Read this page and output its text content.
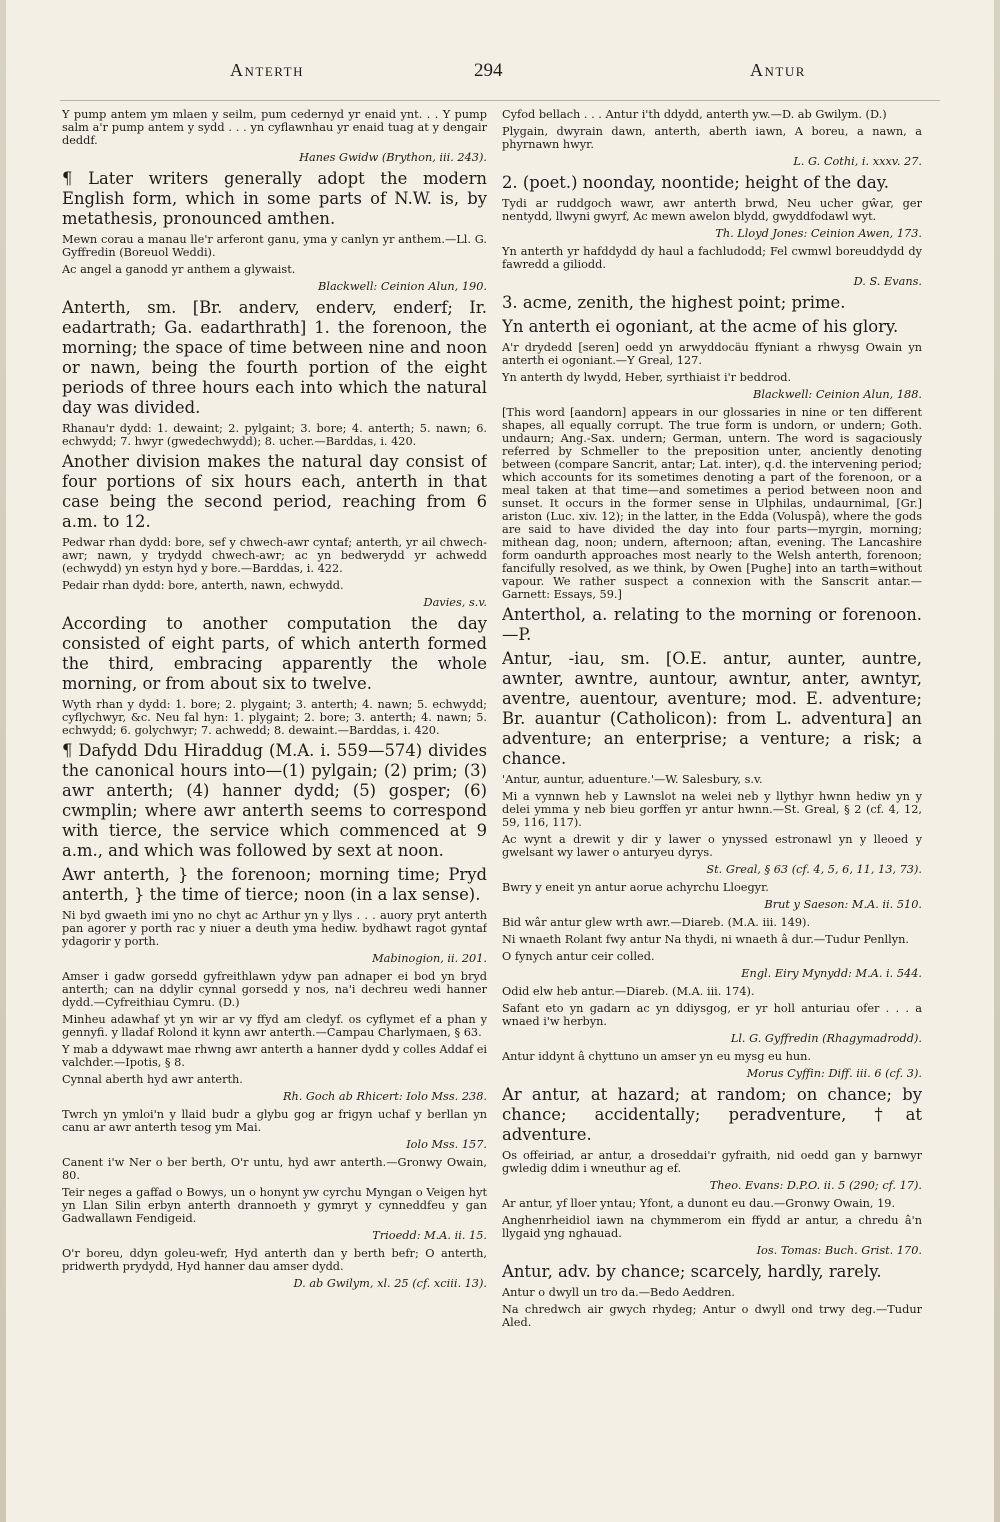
Anterth	294	Antur

Y pump antem ym mlaen y seilm, pum cedernyd yr enaid ynt. . . Y pump salm a'r pump antem y sydd . . . yn cyflawnhau yr enaid tuag at y dengair deddf.

Hanes Gwidw (Brython, iii. 243).

¶ Later writers generally adopt the modern English form, which in some parts of N.W. is, by metathesis, pronounced amthen.

Mewn corau a manau lle'r arferont ganu, yma y canlyn yr anthem.—Ll. G. Gyffredin (Boreuol Weddi).

Ac angel a ganodd yr anthem a glywaist.

Blackwell: Ceinion Alun, 190.

Anterth, sm. [Br. anderv, enderv, enderf; Ir. eadartrath; Ga. eadarthrath] 1. the forenoon, the morning; the space of time between nine and noon or nawn, being the fourth portion of the eight periods of three hours each into which the natural day was divided.

Rhanau'r dydd: 1. dewaint; 2. pylgaint; 3. bore; 4. anterth; 5. nawn; 6. echwydd; 7. hwyr (gwedechwydd); 8. ucher.—Barddas, i. 420.

Another division makes the natural day consist of four portions of six hours each, anterth in that case being the second period, reaching from 6 a.m. to 12.

Pedwar rhan dydd: bore, sef y chwech-awr cyntaf; anterth, yr ail chwech-awr; nawn, y trydydd chwech-awr; ac yn bedwerydd yr achwedd (echwydd) yn estyn hyd y bore.—Barddas, i. 422.

Pedair rhan dydd: bore, anterth, nawn, echwydd.

Davies, s.v.

According to another computation the day consisted of eight parts, of which anterth formed the third, embracing apparently the whole morning, or from about six to twelve.

Wyth rhan y dydd: 1. bore; 2. plygaint; 3. anterth; 4. nawn; 5. echwydd; cyflychwyr, &c. Neu fal hyn: 1. plygaint; 2. bore; 3. anterth; 4. nawn; 5. echwydd; 6. golychwyr; 7. achwedd; 8. dewaint.—Barddas, i. 420.

¶ Dafydd Ddu Hiraddug (M.A. i. 559—574) divides the canonical hours into—(1) pylgain; (2) prim; (3) awr anterth; (4) hanner dydd; (5) gosper; (6) cwmplin; where awr anterth seems to correspond with tierce, the service which commenced at 9 a.m., and which was followed by sext at noon.

Awr anterth, } the forenoon; morning time; Pryd anterth, } the time of tierce; noon (in a lax sense).

Ni byd gwaeth imi yno no chyt ac Arthur yn y llys . . . auory pryt anterth pan agorer y porth rac y niuer a deuth yma hediw. bydhawt ragot gyntaf ydagorir y porth.

Mabinogion, ii. 201.

Amser i gadw gorsedd gyfreithlawn ydyw pan adnaper ei bod yn bryd anterth; can na ddylir cynnal gorsedd y nos, na'i dechreu wedi hanner dydd.—Cyfreithiau Cymru. (D.)

Minheu adawhaf yt yn wir ar vy ffyd am cledyf. os cyflymet ef a phan y gennyfi. y lladaf Rolond it kynn awr anterth.—Campau Charlymaen, § 63.

Y mab a ddywawt mae rhwng awr anterth a hanner dydd y colles Addaf ei valchder.—Ipotis, § 8.

Cynnal aberth hyd awr anterth.

Rh. Goch ab Rhicert: Iolo Mss. 238.

Twrch yn ymloi'n y llaid budr a glybu gog ar frigyn uchaf y berllan yn canu ar awr anterth tesog ym Mai.

Iolo Mss. 157.

Canent i'w Ner o ber berth, O'r untu, hyd awr anterth.—Gronwy Owain, 80.

Teir neges a gaffad o Bowys, un o honynt yw cyrchu Myngan o Veigen hyt yn Llan Silin erbyn anterth drannoeth y gymryt y cynneddfeu y gan Gadwallawn Fendigeid.

Trioedd: M.A. ii. 15.

O'r boreu, ddyn goleu-wefr, Hyd anterth dan y berth befr; O anterth, pridwerth prydydd, Hyd hanner dau amser dydd.

D. ab Gwilym, xl. 25 (cf. xciii. 13).

Cyfod bellach . . . Antur i'th ddydd, anterth yw.—D. ab Gwilym. (D.)

Plygain, dwyrain dawn, anterth, aberth iawn, A boreu, a nawn, a phyrnawn hwyr.

L. G. Cothi, i. xxxv. 27.

2. (poet.) noonday, noontide; height of the day.

Tydi ar ruddgoch wawr, awr anterth brwd, Neu ucher gŵar, ger nentydd, llwyni gwyrf, Ac mewn awelon blydd, gwyddfodawl wyt.

Th. Lloyd Jones: Ceinion Awen, 173.

Yn anterth yr hafddydd dy haul a fachludodd; Fel cwmwl boreuddydd dy fawredd a giliodd.

D. S. Evans.

3. acme, zenith, the highest point; prime.

Yn anterth ei ogoniant, at the acme of his glory.

A'r drydedd [seren] oedd yn arwyddocäu ffyniant a rhwysg Owain yn anterth ei ogoniant.—Y Greal, 127.

Yn anterth dy lwydd, Heber, syrthiaist i'r beddrod.

Blackwell: Ceinion Alun, 188.

[This word [aandorn] appears in our glossaries in nine or ten different shapes, all equally corrupt. The true form is undorn, or undern; Goth. undaurn; Ang.-Sax. undern; German, untern. The word is sagaciously referred by Schmeller to the preposition unter, anciently denoting between (compare Sancrit, antar; Lat. inter), q.d. the intervening period; which accounts for its sometimes denoting a part of the forenoon, or a meal taken at that time—and sometimes a period between noon and sunset. It occurs in the former sense in Ulphilas, undaurnimal, [Gr.] ariston (Luc. xiv. 12); in the latter, in the Edda (Voluspâ), where the gods are said to have divided the day into four parts—myrgin, morning; mithean dag, noon; undern, afternoon; aftan, evening. The Lancashire form oandurth approaches most nearly to the Welsh anterth, forenoon; fancifully resolved, as we think, by Owen [Pughe] into an tarth=without vapour. We rather suspect a connexion with the Sanscrit antar.—Garnett: Essays, 59.]

Anterthol, a. relating to the morning or forenoon.—P.

Antur, -iau, sm. [O.E. antur, aunter, auntre, awnter, awntre, auntour, awntur, anter, awntyr, aventre, auentour, aventure; mod. E. adventure; Br. auantur (Catholicon): from L. adventura] an adventure; an enterprise; a venture; a risk; a chance.

'Antur, auntur, aduenture.'—W. Salesbury, s.v.

Mi a vynnwn heb y Lawnslot na welei neb y llythyr hwnn hediw yn y delei ymma y neb bieu gorffen yr antur hwnn.—St. Greal, § 2 (cf. 4, 12, 59, 116, 117).

Ac wynt a drewit y dir y lawer o ynyssed estronawl yn y lleoed y gwelsant wy lawer o anturyeu dyrys.

St. Greal, § 63 (cf. 4, 5, 6, 11, 13, 73).

Bwry y eneit yn antur aorue achyrchu Lloegyr.

Brut y Saeson: M.A. ii. 510.

Bid wâr antur glew wrth awr.—Diareb. (M.A. iii. 149).

Ni wnaeth Rolant fwy antur Na thydi, ni wnaeth â dur.—Tudur Penllyn.

O fynych antur ceir colled.

Engl. Eiry Mynydd: M.A. i. 544.

Odid elw heb antur.—Diareb. (M.A. iii. 174).

Safant eto yn gadarn ac yn ddiysgog, er yr holl anturiau ofer . . . a wnaed i'w herbyn.

Ll. G. Gyffredin (Rhagymadrodd).

Antur iddynt â chyttuno un amser yn eu mysg eu hun.

Morus Cyffin: Diff. iii. 6 (cf. 3).

Ar antur, at hazard; at random; on chance; by chance; accidentally; peradventure, †at adventure.

Os offeiriad, ar antur, a droseddai'r gyfraith, nid oedd gan y barnwyr gwledig ddim i wneuthur ag ef.

Theo. Evans: D.P.O. ii. 5 (290; cf. 17).

Ar antur, yf lloer yntau; Yfont, a dunont eu dau.—Gronwy Owain, 19.

Anghenrheidiol iawn na chymmerom ein ffydd ar antur, a chredu â'n llygaid yng nghauad.

Ios. Tomas: Buch. Grist. 170.

Antur, adv. by chance; scarcely, hardly, rarely.

Antur o dwyll un tro da.—Bedo Aeddren.

Na chredwch air gwych rhydeg; Antur o dwyll ond trwy deg.—Tudur Aled.
